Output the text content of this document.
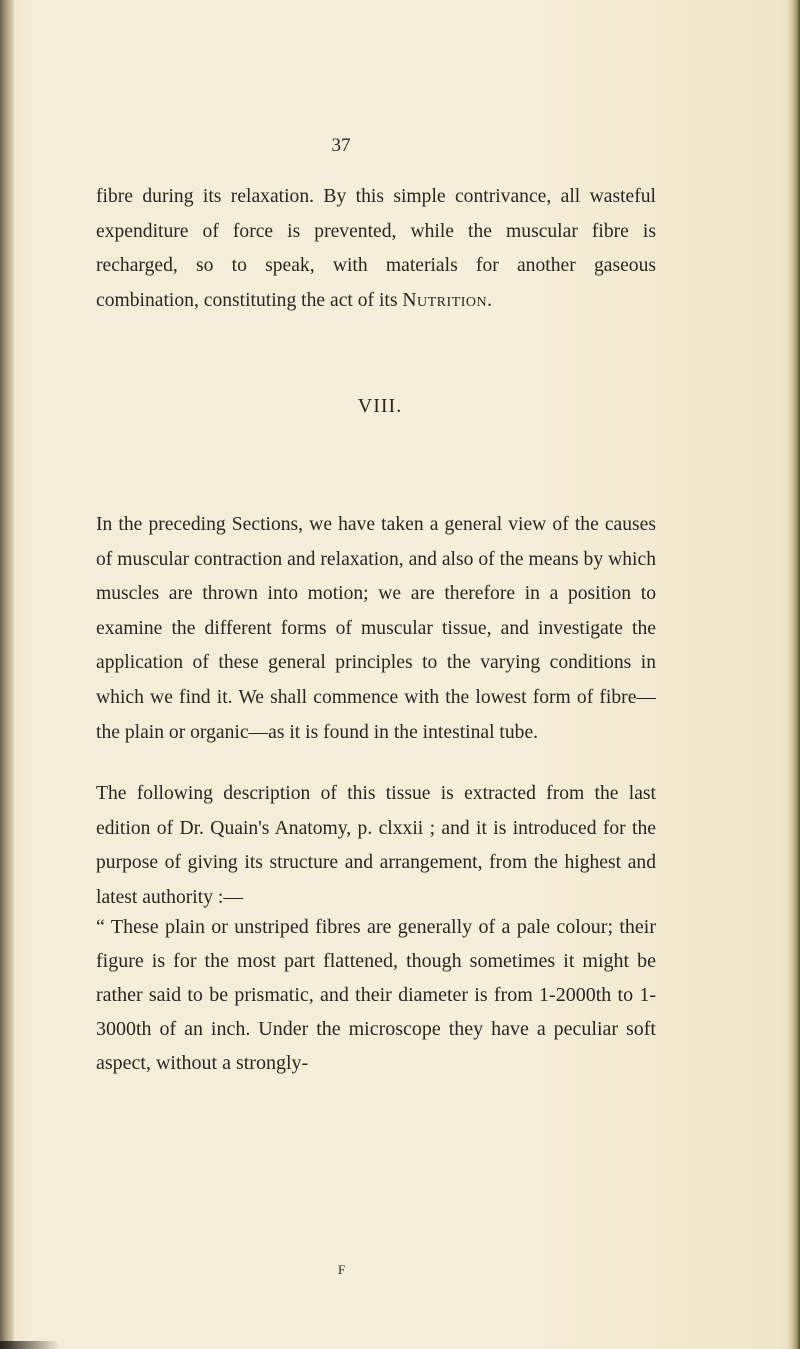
37

fibre during its relaxation. By this simple contrivance, all wasteful expenditure of force is prevented, while the muscular fibre is recharged, so to speak, with materials for another gaseous combination, constituting the act of its Nutrition.

VIII.

In the preceding Sections, we have taken a general view of the causes of muscular contraction and relaxation, and also of the means by which muscles are thrown into motion; we are therefore in a position to examine the different forms of muscular tissue, and investigate the application of these general principles to the varying conditions in which we find it. We shall commence with the lowest form of fibre— the plain or organic—as it is found in the intestinal tube.

The following description of this tissue is extracted from the last edition of Dr. Quain's Anatomy, p. clxxii ; and it is introduced for the purpose of giving its structure and arrangement, from the highest and latest authority :—

“ These plain or unstriped fibres are generally of a pale colour; their figure is for the most part flattened, though sometimes it might be rather said to be prismatic, and their diameter is from 1-2000th to 1-3000th of an inch. Under the microscope they have a peculiar soft aspect, without a strongly-

F
